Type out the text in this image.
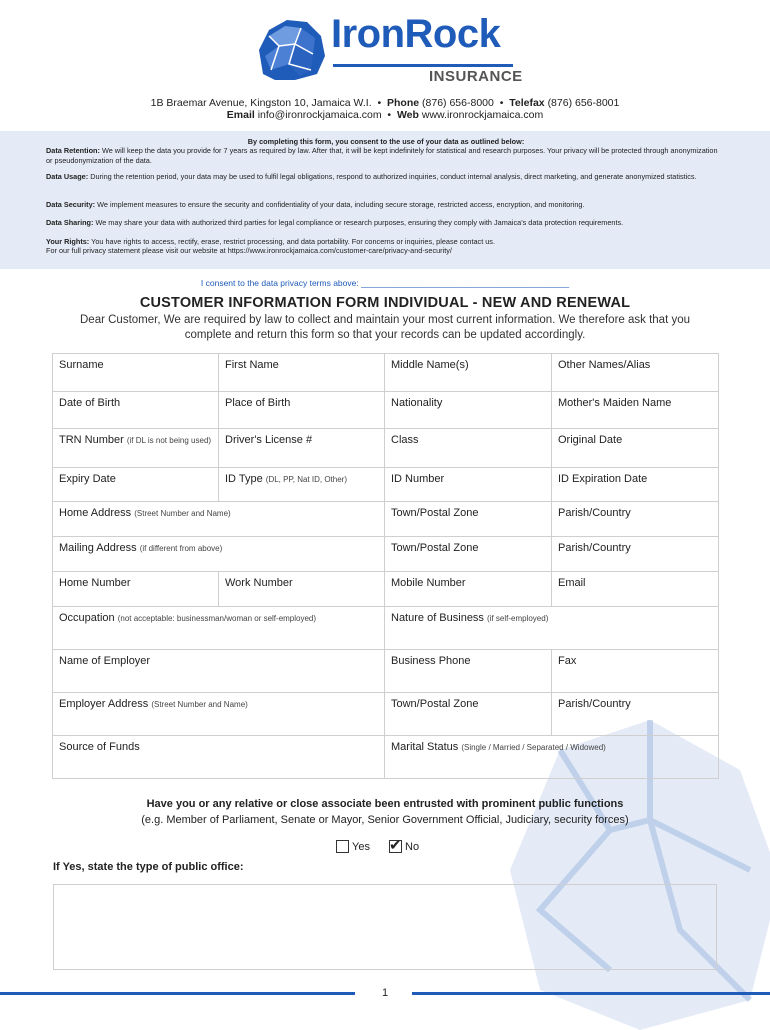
IronRock
INSURANCE
1B Braemar Avenue, Kingston 10, Jamaica W.I. • Phone (876) 656-8000 • Telefax (876) 656-8001
Email info@ironrockjamaica.com • Web www.ironrockjamaica.com
By completing this form, you consent to the use of your data as outlined below:
Data Retention: We will keep the data you provide for 7 years as required by law. After that, it will be kept indefinitely for statistical and research purposes. Your privacy will be protected through anonymization or pseudonymization of the data.
Data Usage: During the retention period, your data may be used to fulfil legal obligations, respond to authorized inquiries, conduct internal analysis, direct marketing, and generate anonymized statistics.
Data Security: We implement measures to ensure the security and confidentiality of your data, including secure storage, restricted access, encryption, and monitoring.
Data Sharing: We may share your data with authorized third parties for legal compliance or research purposes, ensuring they comply with Jamaica's data protection requirements.
Your Rights: You have rights to access, rectify, erase, restrict processing, and data portability. For concerns or inquiries, please contact us.
For our full privacy statement please visit our website at https://www.ironrockjamaica.com/customer-care/privacy-and-security/
I consent to the data privacy terms above: ____________________________________________
CUSTOMER INFORMATION FORM INDIVIDUAL - NEW AND RENEWAL
Dear Customer, We are required by law to collect and maintain your most current information. We therefore ask that you complete and return this form so that your records can be updated accordingly.
Surname	First Name	Middle Name(s)	Other Names/Alias
Date of Birth	Place of Birth	Nationality	Mother's Maiden Name
TRN Number (if DL is not being used)	Driver's License #	Class	Original Date
Expiry Date	ID Type (DL, PP, Nat ID, Other)	ID Number	ID Expiration Date
Home Address (Street Number and Name)	Town/Postal Zone	Parish/Country
Mailing Address (if different from above)	Town/Postal Zone	Parish/Country
Home Number	Work Number	Mobile Number	Email
Occupation (not acceptable: businessman/woman or self-employed)	Nature of Business (if self-employed)
Name of Employer	Business Phone	Fax
Employer Address (Street Number and Name)	Town/Postal Zone	Parish/Country
Source of Funds	Marital Status (Single / Married / Separated / Widowed)
Have you or any relative or close associate been entrusted with prominent public functions
(e.g. Member of Parliament, Senate or Mayor, Senior Government Official, Judiciary, security forces)
Yes ✔ No
If Yes, state the type of public office:
1
